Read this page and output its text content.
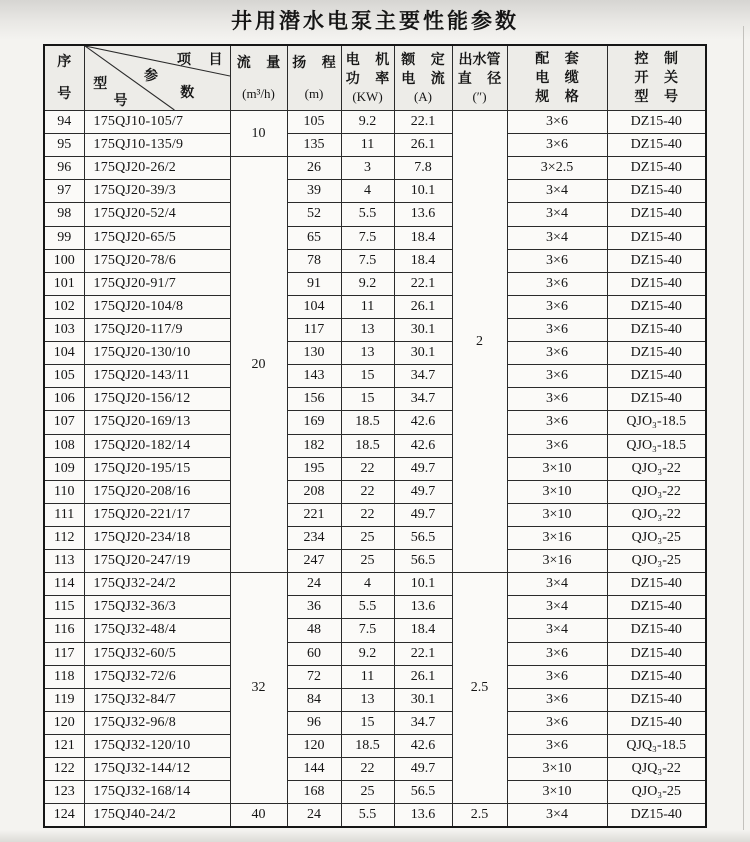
井用潜水电泵主要性能参数
序
号

项 目
参
数
型
号

流 量
(m³/h)

扬 程
(m)

电 机
功 率
(KW)

额 定
电 流
(A)

出水管
直 径
(″)

配 套
电 缆
规 格

控 制
开 关
型 号

94	175QJ10-105/7	10	105	9.2	22.1	2	3×6	DZ15-40
95	175QJ10-135/9		135	11	26.1		3×6	DZ15-40
96	175QJ20-26/2	20	26	3	7.8		3×2.5	DZ15-40
97	175QJ20-39/3		39	4	10.1		3×4	DZ15-40
98	175QJ20-52/4		52	5.5	13.6		3×4	DZ15-40
99	175QJ20-65/5		65	7.5	18.4		3×4	DZ15-40
100	175QJ20-78/6		78	7.5	18.4		3×6	DZ15-40
101	175QJ20-91/7		91	9.2	22.1		3×6	DZ15-40
102	175QJ20-104/8		104	11	26.1		3×6	DZ15-40
103	175QJ20-117/9		117	13	30.1		3×6	DZ15-40
104	175QJ20-130/10		130	13	30.1		3×6	DZ15-40
105	175QJ20-143/11		143	15	34.7		3×6	DZ15-40
106	175QJ20-156/12		156	15	34.7		3×6	DZ15-40
107	175QJ20-169/13		169	18.5	42.6		3×6	QJO₃-18.5
108	175QJ20-182/14		182	18.5	42.6		3×6	QJO₃-18.5
109	175QJ20-195/15		195	22	49.7		3×10	QJO₃-22
110	175QJ20-208/16		208	22	49.7		3×10	QJO₃-22
111	175QJ20-221/17		221	22	49.7		3×10	QJO₃-22
112	175QJ20-234/18		234	25	56.5		3×16	QJO₃-25
113	175QJ20-247/19		247	25	56.5		3×16	QJO₃-25
114	175QJ32-24/2	32	24	4	10.1	2.5	3×4	DZ15-40
115	175QJ32-36/3		36	5.5	13.6		3×4	DZ15-40
116	175QJ32-48/4		48	7.5	18.4		3×4	DZ15-40
117	175QJ32-60/5		60	9.2	22.1		3×6	DZ15-40
118	175QJ32-72/6		72	11	26.1		3×6	DZ15-40
119	175QJ32-84/7		84	13	30.1		3×6	DZ15-40
120	175QJ32-96/8		96	15	34.7		3×6	DZ15-40
121	175QJ32-120/10		120	18.5	42.6		3×6	QJQ₃-18.5
122	175QJ32-144/12		144	22	49.7		3×10	QJQ₃-22
123	175QJ32-168/14		168	25	56.5		3×10	QJO₃-25
124	175QJ40-24/2	40	24	5.5	13.6	2.5	3×4	DZ15-40
